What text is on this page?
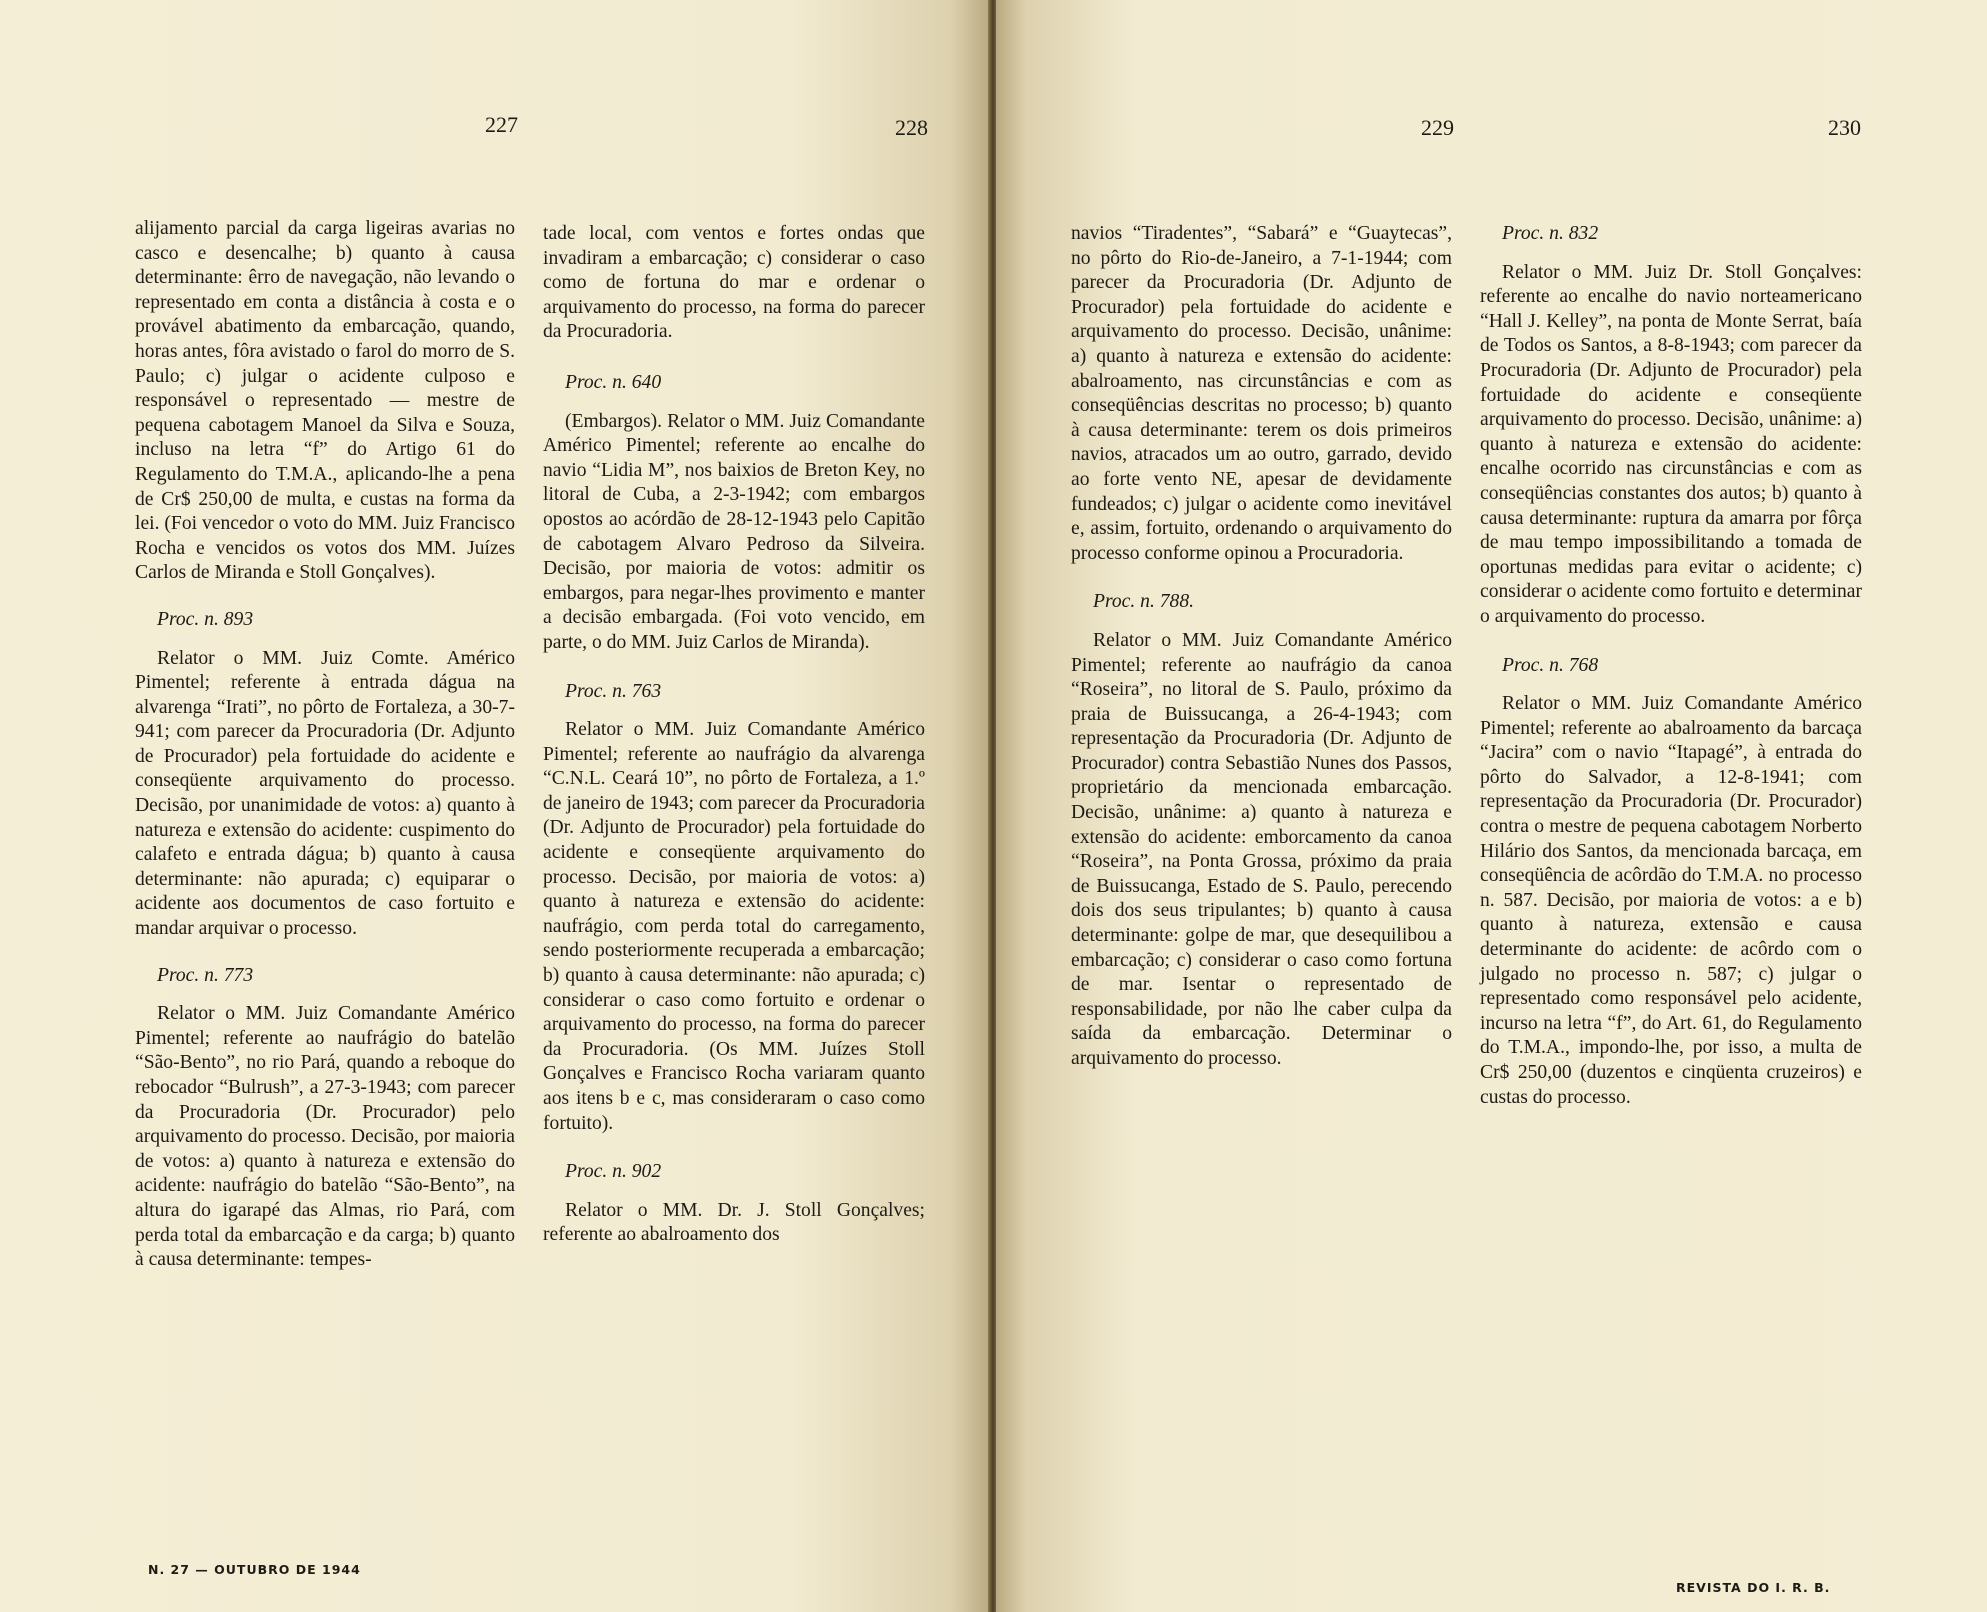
227	228

alijamento parcial da carga ligeiras avarias no casco e desencalhe; b) quanto à causa determinante: êrro de navegação, não levando o representado em conta a distância à costa e o provável abatimento da embarcação, quando, horas antes, fôra avistado o farol do morro de S. Paulo; c) julgar o acidente culposo e responsável o representado — mestre de pequena cabotagem Manoel da Silva e Souza, incluso na letra “f” do Artigo 61 do Regulamento do T.M.A., aplicando-lhe a pena de Cr$ 250,00 de multa, e custas na forma da lei. (Foi vencedor o voto do MM. Juiz Francisco Rocha e vencidos os votos dos MM. Juízes Carlos de Miranda e Stoll Gonçalves).

Proc. n. 893

Relator o MM. Juiz Comte. Américo Pimentel; referente à entrada dágua na alvarenga “Irati”, no pôrto de Fortaleza, a 30-7-941; com parecer da Procuradoria (Dr. Adjunto de Procurador) pela fortuidade do acidente e conseqüente arquivamento do processo. Decisão, por unanimidade de votos: a) quanto à natureza e extensão do acidente: cuspimento do calafeto e entrada dágua; b) quanto à causa determinante: não apurada; c) equiparar o acidente aos documentos de caso fortuito e mandar arquivar o processo.

Proc. n. 773

Relator o MM. Juiz Comandante Américo Pimentel; referente ao naufrágio do batelão “São-Bento”, no rio Pará, quando a reboque do rebocador “Bulrush”, a 27-3-1943; com parecer da Procuradoria (Dr. Procurador) pelo arquivamento do processo. Decisão, por maioria de votos: a) quanto à natureza e extensão do acidente: naufrágio do batelão “São-Bento”, na altura do igarapé das Almas, rio Pará, com perda total da embarcação e da carga; b) quanto à causa determinante: tempes-

tade local, com ventos e fortes ondas que invadiram a embarcação; c) considerar o caso como de fortuna do mar e ordenar o arquivamento do processo, na forma do parecer da Procuradoria.

Proc. n. 640

(Embargos). Relator o MM. Juiz Comandante Américo Pimentel; referente ao encalhe do navio “Lidia M”, nos baixios de Breton Key, no litoral de Cuba, a 2-3-1942; com embargos opostos ao acórdão de 28-12-1943 pelo Capitão de cabotagem Alvaro Pedroso da Silveira. Decisão, por maioria de votos: admitir os embargos, para negar-lhes provimento e manter a decisão embargada. (Foi voto vencido, em parte, o do MM. Juiz Carlos de Miranda).

Proc. n. 763

Relator o MM. Juiz Comandante Américo Pimentel; referente ao naufrágio da alvarenga “C.N.L. Ceará 10”, no pôrto de Fortaleza, a 1.º de janeiro de 1943; com parecer da Procuradoria (Dr. Adjunto de Procurador) pela fortuidade do acidente e conseqüente arquivamento do processo. Decisão, por maioria de votos: a) quanto à natureza e extensão do acidente: naufrágio, com perda total do carregamento, sendo posteriormente recuperada a embarcação; b) quanto à causa determinante: não apurada; c) considerar o caso como fortuito e ordenar o arquivamento do processo, na forma do parecer da Procuradoria. (Os MM. Juízes Stoll Gonçalves e Francisco Rocha variaram quanto aos itens b e c, mas consideraram o caso como fortuito).

Proc. n. 902

Relator o MM. Dr. J. Stoll Gonçalves; referente ao abalroamento dos

N. 27 — OUTUBRO DE 1944
229	230

navios “Tiradentes”, “Sabará” e “Guaytecas”, no pôrto do Rio-de-Janeiro, a 7-1-1944; com parecer da Procuradoria (Dr. Adjunto de Procurador) pela fortuidade do acidente e arquivamento do processo. Decisão, unânime: a) quanto à natureza e extensão do acidente: abalroamento, nas circunstâncias e com as conseqüências descritas no processo; b) quanto à causa determinante: terem os dois primeiros navios, atracados um ao outro, garrado, devido ao forte vento NE, apesar de devidamente fundeados; c) julgar o acidente como inevitável e, assim, fortuito, ordenando o arquivamento do processo conforme opinou a Procuradoria.

Proc. n. 788.

Relator o MM. Juiz Comandante Américo Pimentel; referente ao naufrágio da canoa “Roseira”, no litoral de S. Paulo, próximo da praia de Buissucanga, a 26-4-1943; com representação da Procuradoria (Dr. Adjunto de Procurador) contra Sebastião Nunes dos Passos, proprietário da mencionada embarcação. Decisão, unânime: a) quanto à natureza e extensão do acidente: emborcamento da canoa “Roseira”, na Ponta Grossa, próximo da praia de Buissucanga, Estado de S. Paulo, perecendo dois dos seus tripulantes; b) quanto à causa determinante: golpe de mar, que desequilibou a embarcação; c) considerar o caso como fortuna de mar. Isentar o representado de responsabilidade, por não lhe caber culpa da saída da embarcação. Determinar o arquivamento do processo.

Proc. n. 832

Relator o MM. Juiz Dr. Stoll Gonçalves: referente ao encalhe do navio norteamericano “Hall J. Kelley”, na ponta de Monte Serrat, baía de Todos os Santos, a 8-8-1943; com parecer da Procuradoria (Dr. Adjunto de Procurador) pela fortuidade do acidente e conseqüente arquivamento do processo. Decisão, unânime: a) quanto à natureza e extensão do acidente: encalhe ocorrido nas circunstâncias e com as conseqüências constantes dos autos; b) quanto à causa determinante: ruptura da amarra por fôrça de mau tempo impossibilitando a tomada de oportunas medidas para evitar o acidente; c) considerar o acidente como fortuito e determinar o arquivamento do processo.

Proc. n. 768

Relator o MM. Juiz Comandante Américo Pimentel; referente ao abalroamento da barcaça “Jacira” com o navio “Itapagé”, à entrada do pôrto do Salvador, a 12-8-1941; com representação da Procuradoria (Dr. Procurador) contra o mestre de pequena cabotagem Norberto Hilário dos Santos, da mencionada barcaça, em conseqüência de acôrdão do T.M.A. no processo n. 587. Decisão, por maioria de votos: a e b) quanto à natureza, extensão e causa determinante do acidente: de acôrdo com o julgado no processo n. 587; c) julgar o representado como responsável pelo acidente, incurso na letra “f”, do Art. 61, do Regulamento do T.M.A., impondo-lhe, por isso, a multa de Cr$ 250,00 (duzentos e cinqüenta cruzeiros) e custas do processo.

REVISTA DO I. R. B.
